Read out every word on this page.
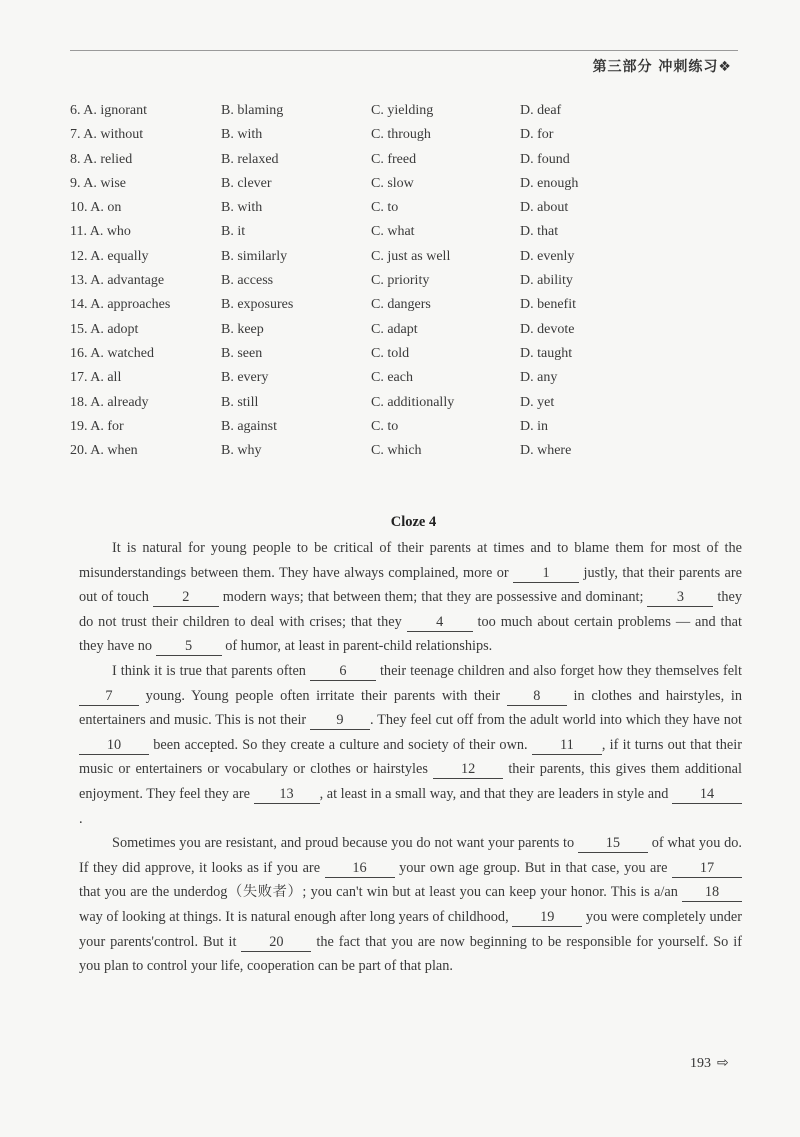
第三部分 冲刺练习❖
6. A. ignorant	B. blaming	C. yielding	D. deaf
7. A. without	B. with	C. through	D. for
8. A. relied	B. relaxed	C. freed	D. found
9. A. wise	B. clever	C. slow	D. enough
10. A. on	B. with	C. to	D. about
11. A. who	B. it	C. what	D. that
12. A. equally	B. similarly	C. just as well	D. evenly
13. A. advantage	B. access	C. priority	D. ability
14. A. approaches	B. exposures	C. dangers	D. benefit
15. A. adopt	B. keep	C. adapt	D. devote
16. A. watched	B. seen	C. told	D. taught
17. A. all	B. every	C. each	D. any
18. A. already	B. still	C. additionally	D. yet
19. A. for	B. against	C. to	D. in
20. A. when	B. why	C. which	D. where
Cloze 4

It is natural for young people to be critical of their parents at times and to blame them for most of the misunderstandings between them. They have always complained, more or 1 justly, that their parents are out of touch 2 modern ways; that between them; that they are possessive and dominant; 3 they do not trust their children to deal with crises; that they 4 too much about certain problems — and that they have no 5 of humor, at least in parent-child relationships.

I think it is true that parents often 6 their teenage children and also forget how they themselves felt 7 young. Young people often irritate their parents with their 8 in clothes and hairstyles, in entertainers and music. This is not their 9 . They feel cut off from the adult world into which they have not 10 been accepted. So they create a culture and society of their own. 11 , if it turns out that their music or entertainers or vocabulary or clothes or hairstyles 12 their parents, this gives them additional enjoyment. They feel they are 13 , at least in a small way, and that they are leaders in style and 14.

Sometimes you are resistant, and proud because you do not want your parents to 15 of what you do. If they did approve, it looks as if you are 16 your own age group. But in that case, you are 17 that you are the underdog（失败者）; you can't win but at least you can keep your honor. This is a/an 18 way of looking at things. It is natural enough after long years of childhood, 19 you were completely under your parents'control. But it 20 the fact that you are now beginning to be responsible for yourself. So if you plan to control your life, cooperation can be part of that plan.

193 ⇨
